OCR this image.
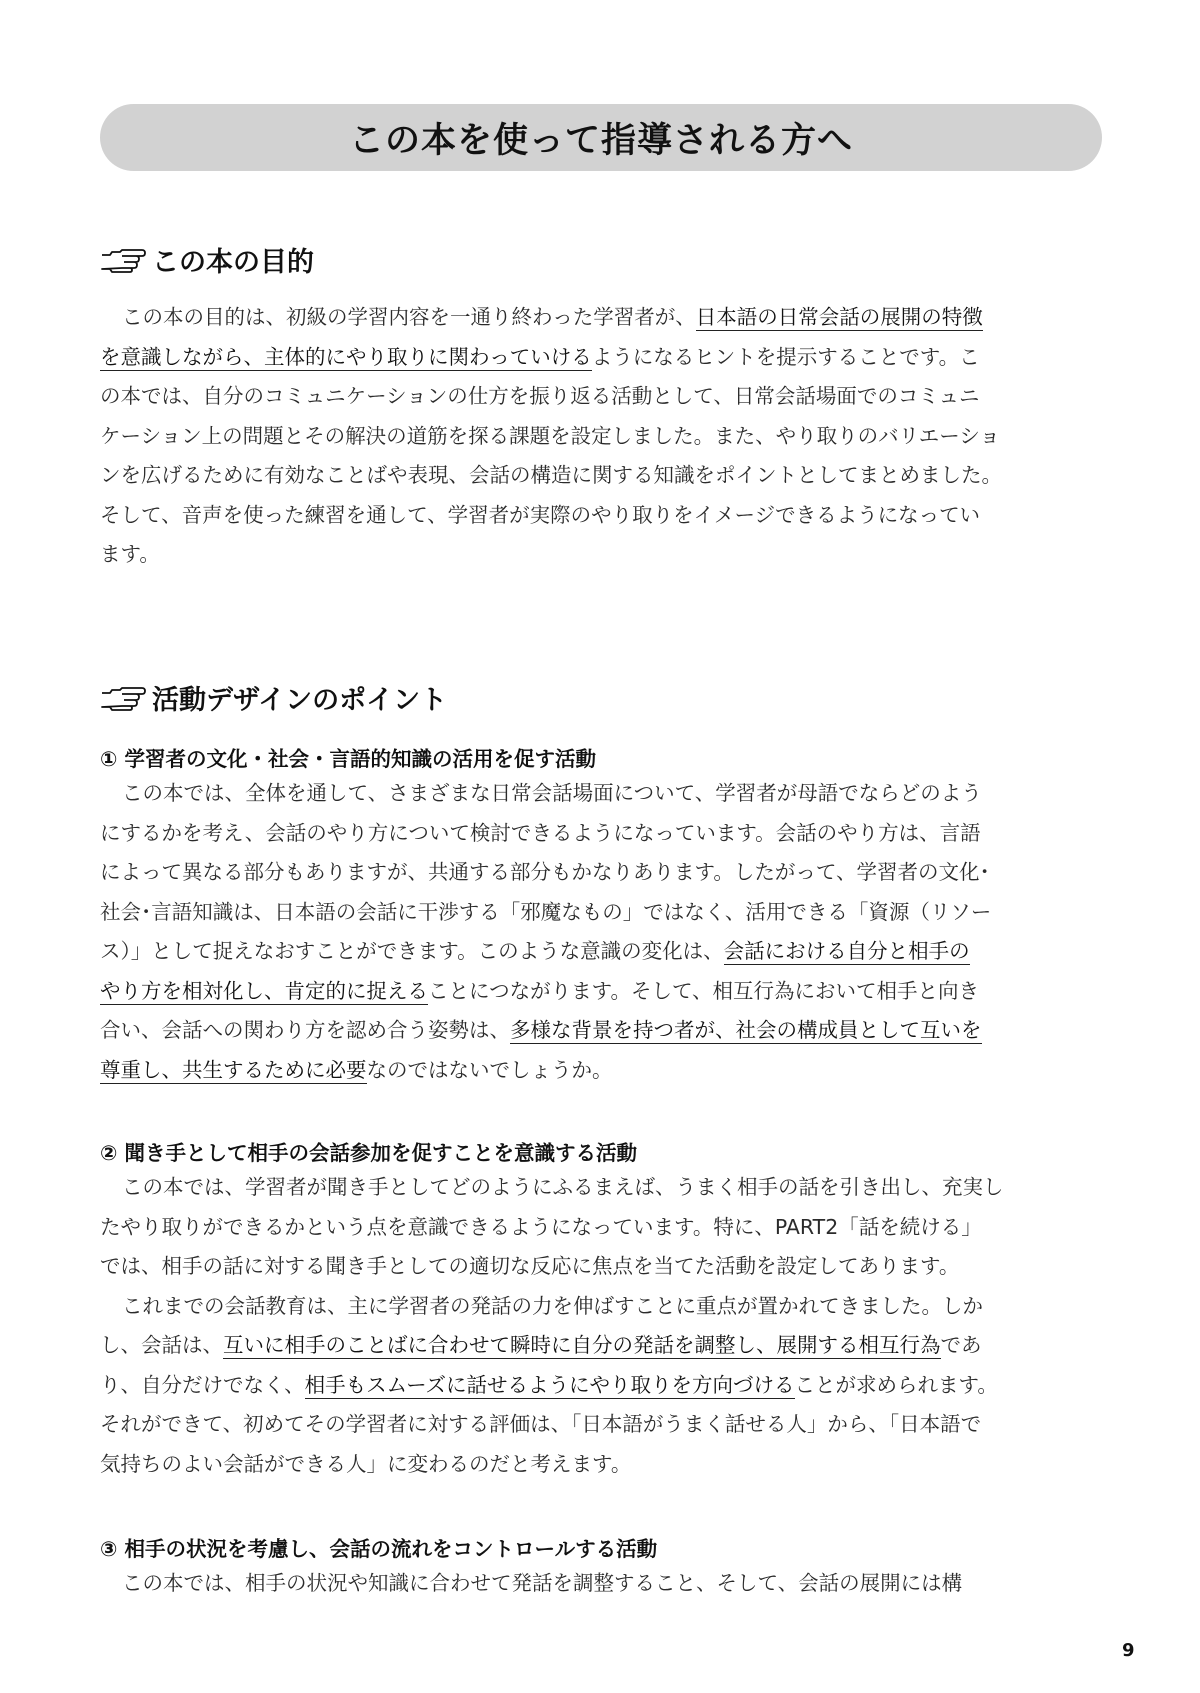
この本を使って指導される方へ
この本の目的
この本の目的は、初級の学習内容を一通り終わった学習者が、日本語の日常会話の展開の特徴
を意識しながら、主体的にやり取りに関わっていけるようになるヒントを提示することです。こ
の本では、自分のコミュニケーションの仕方を振り返る活動として、日常会話場面でのコミュニ
ケーション上の問題とその解決の道筋を探る課題を設定しました。また、やり取りのバリエーショ
ンを広げるために有効なことばや表現、会話の構造に関する知識をポイントとしてまとめました。
そして、音声を使った練習を通して、学習者が実際のやり取りをイメージできるようになってい
ます。
活動デザインのポイント
① 学習者の文化・社会・言語的知識の活用を促す活動
この本では、全体を通して、さまざまな日常会話場面について、学習者が母語でならどのよう
にするかを考え、会話のやり方について検討できるようになっています。会話のやり方は、言語
によって異なる部分もありますが、共通する部分もかなりあります。したがって、学習者の文化･
社会･言語知識は、日本語の会話に干渉する「邪魔なもの」ではなく、活用できる「資源（リソー
ス）」として捉えなおすことができます。このような意識の変化は、会話における自分と相手の
やり方を相対化し、肯定的に捉えることにつながります。そして、相互行為において相手と向き
合い、会話への関わり方を認め合う姿勢は、多様な背景を持つ者が、社会の構成員として互いを
尊重し、共生するために必要なのではないでしょうか。
② 聞き手として相手の会話参加を促すことを意識する活動
この本では、学習者が聞き手としてどのようにふるまえば、うまく相手の話を引き出し、充実し
たやり取りができるかという点を意識できるようになっています。特に、PART2「話を続ける」
では、相手の話に対する聞き手としての適切な反応に焦点を当てた活動を設定してあります。
これまでの会話教育は、主に学習者の発話の力を伸ばすことに重点が置かれてきました。しか
し、会話は、互いに相手のことばに合わせて瞬時に自分の発話を調整し、展開する相互行為であ
り、自分だけでなく、相手もスムーズに話せるようにやり取りを方向づけることが求められます。
それができて、初めてその学習者に対する評価は、「日本語がうまく話せる人」から、「日本語で
気持ちのよい会話ができる人」に変わるのだと考えます。
③ 相手の状況を考慮し、会話の流れをコントロールする活動
この本では、相手の状況や知識に合わせて発話を調整すること、そして、会話の展開には構
9
